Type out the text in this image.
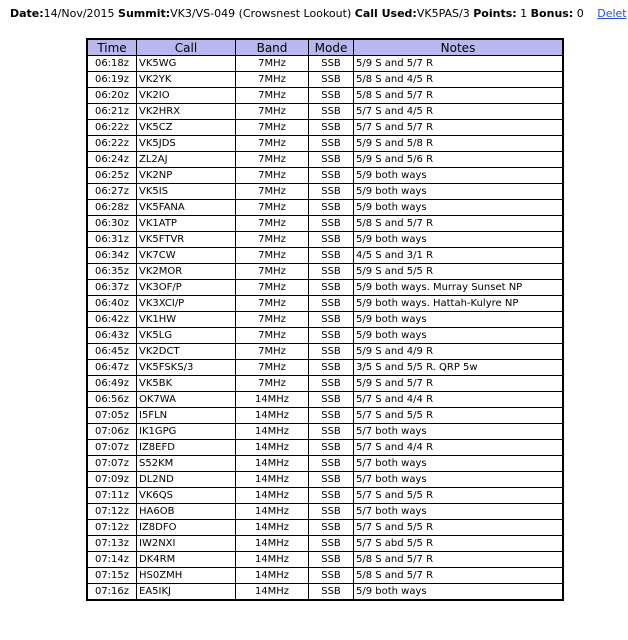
Date:14/Nov/2015 Summit:VK3/VS-049 (Crowsnest Lookout) Call Used:VK5PAS/3 Points: 1 Bonus: 0 Delet
Time	Call	Band	Mode	Notes
06:18z	VK5WG	7MHz	SSB	5/9 S and 5/7 R
06:19z	VK2YK	7MHz	SSB	5/8 S and 4/5 R
06:20z	VK2IO	7MHz	SSB	5/8 S and 5/7 R
06:21z	VK2HRX	7MHz	SSB	5/7 S and 4/5 R
06:22z	VK5CZ	7MHz	SSB	5/7 S and 5/7 R
06:22z	VK5JDS	7MHz	SSB	5/9 S and 5/8 R
06:24z	ZL2AJ	7MHz	SSB	5/9 S and 5/6 R
06:25z	VK2NP	7MHz	SSB	5/9 both ways
06:27z	VK5IS	7MHz	SSB	5/9 both ways
06:28z	VK5FANA	7MHz	SSB	5/9 both ways
06:30z	VK1ATP	7MHz	SSB	5/8 S and 5/7 R
06:31z	VK5FTVR	7MHz	SSB	5/9 both ways
06:34z	VK7CW	7MHz	SSB	4/5 S and 3/1 R
06:35z	VK2MOR	7MHz	SSB	5/9 S and 5/5 R
06:37z	VK3OF/P	7MHz	SSB	5/9 both ways. Murray Sunset NP
06:40z	VK3XCI/P	7MHz	SSB	5/9 both ways. Hattah-Kulyre NP
06:42z	VK1HW	7MHz	SSB	5/9 both ways
06:43z	VK5LG	7MHz	SSB	5/9 both ways
06:45z	VK2DCT	7MHz	SSB	5/9 S and 4/9 R
06:47z	VK5FSKS/3	7MHz	SSB	3/5 S and 5/5 R. QRP 5w
06:49z	VK5BK	7MHz	SSB	5/9 S and 5/7 R
06:56z	OK7WA	14MHz	SSB	5/7 S and 4/4 R
07:05z	I5FLN	14MHz	SSB	5/7 S and 5/5 R
07:06z	IK1GPG	14MHz	SSB	5/7 both ways
07:07z	IZ8EFD	14MHz	SSB	5/7 S and 4/4 R
07:07z	S52KM	14MHz	SSB	5/7 both ways
07:09z	DL2ND	14MHz	SSB	5/7 both ways
07:11z	VK6QS	14MHz	SSB	5/7 S and 5/5 R
07:12z	HA6OB	14MHz	SSB	5/7 both ways
07:12z	IZ8DFO	14MHz	SSB	5/7 S and 5/5 R
07:13z	IW2NXI	14MHz	SSB	5/7 S abd 5/5 R
07:14z	DK4RM	14MHz	SSB	5/8 S and 5/7 R
07:15z	HS0ZMH	14MHz	SSB	5/8 S and 5/7 R
07:16z	EA5IKJ	14MHz	SSB	5/9 both ways
